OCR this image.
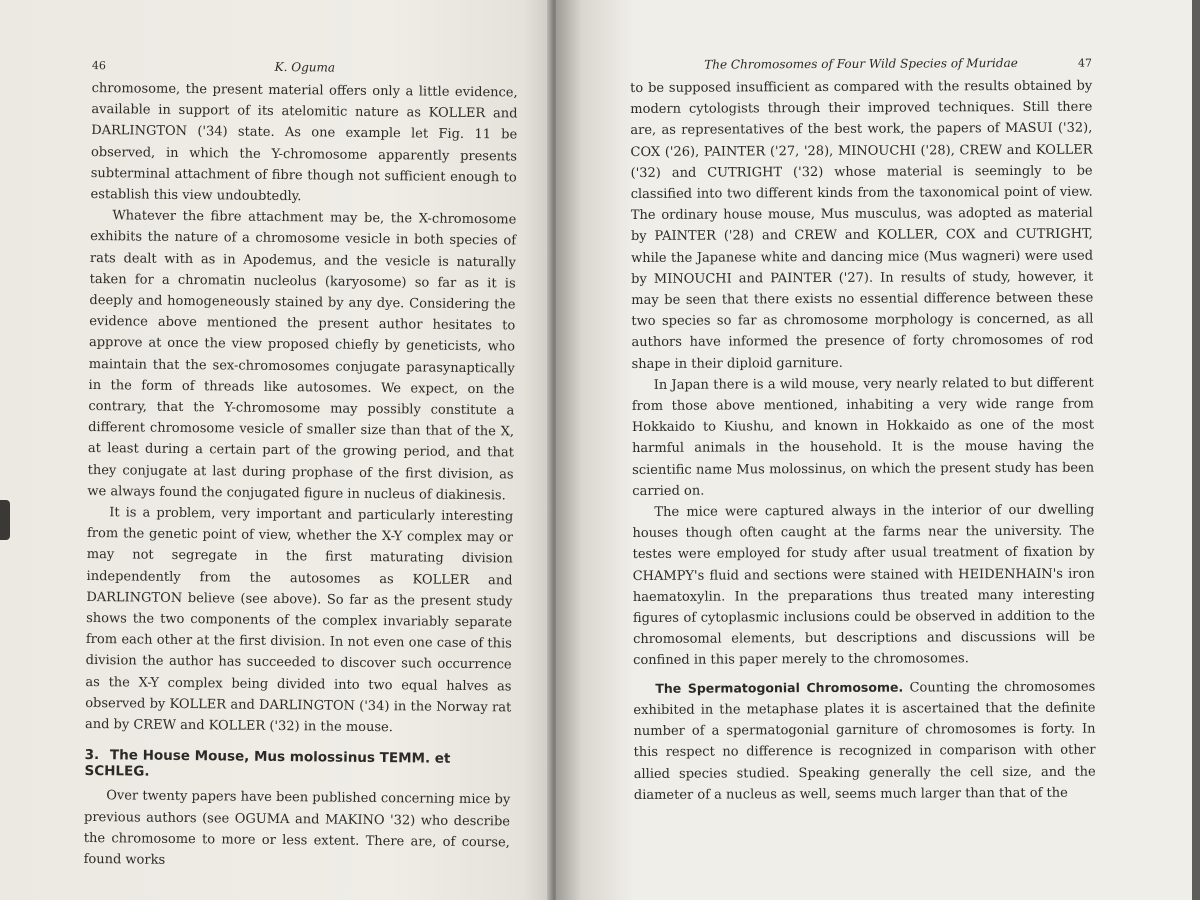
46	K. Oguma

chromosome, the present material offers only a little evidence, available in support of its atelomitic nature as KOLLER and DARLINGTON ('34) state. As one example let Fig. 11 be observed, in which the Y-chromosome apparently presents subterminal attachment of fibre though not sufficient enough to establish this view undoubtedly.

Whatever the fibre attachment may be, the X-chromosome exhibits the nature of a chromosome vesicle in both species of rats dealt with as in Apodemus, and the vesicle is naturally taken for a chromatin nucleolus (karyosome) so far as it is deeply and homogeneously stained by any dye. Considering the evidence above mentioned the present author hesitates to approve at once the view proposed chiefly by geneticists, who maintain that the sex-chromosomes conjugate parasynaptically in the form of threads like autosomes. We expect, on the contrary, that the Y-chromosome may possibly constitute a different chromosome vesicle of smaller size than that of the X, at least during a certain part of the growing period, and that they conjugate at last during prophase of the first division, as we always found the conjugated figure in nucleus of diakinesis.

It is a problem, very important and particularly interesting from the genetic point of view, whether the X-Y complex may or may not segregate in the first maturating division independently from the autosomes as KOLLER and DARLINGTON believe (see above). So far as the present study shows the two components of the complex invariably separate from each other at the first division. In not even one case of this division the author has succeeded to discover such occurrence as the X-Y complex being divided into two equal halves as observed by KOLLER and DARLINGTON ('34) in the Norway rat and by CREW and KOLLER ('32) in the mouse.

3. The House Mouse, Mus molossinus TEMM. et SCHLEG.

Over twenty papers have been published concerning mice by previous authors (see OGUMA and MAKINO '32) who describe the chromosome to more or less extent. There are, of course, found works

The Chromosomes of Four Wild Species of Muridae	47

to be supposed insufficient as compared with the results obtained by modern cytologists through their improved techniques. Still there are, as representatives of the best work, the papers of MASUI ('32), COX ('26), PAINTER ('27, '28), MINOUCHI ('28), CREW and KOLLER ('32) and CUTRIGHT ('32) whose material is seemingly to be classified into two different kinds from the taxonomical point of view. The ordinary house mouse, Mus musculus, was adopted as material by PAINTER ('28) and CREW and KOLLER, COX and CUTRIGHT, while the Japanese white and dancing mice (Mus wagneri) were used by MINOUCHI and PAINTER ('27). In results of study, however, it may be seen that there exists no essential difference between these two species so far as chromosome morphology is concerned, as all authors have informed the presence of forty chromosomes of rod shape in their diploid garniture.

In Japan there is a wild mouse, very nearly related to but different from those above mentioned, inhabiting a very wide range from Hokkaido to Kiushu, and known in Hokkaido as one of the most harmful animals in the household. It is the mouse having the scientific name Mus molossinus, on which the present study has been carried on.

The mice were captured always in the interior of our dwelling houses though often caught at the farms near the university. The testes were employed for study after usual treatment of fixation by CHAMPY's fluid and sections were stained with HEIDENHAIN's iron haematoxylin. In the preparations thus treated many interesting figures of cytoplasmic inclusions could be observed in addition to the chromosomal elements, but descriptions and discussions will be confined in this paper merely to the chromosomes.

The Spermatogonial Chromosome. Counting the chromosomes exhibited in the metaphase plates it is ascertained that the definite number of a spermatogonial garniture of chromosomes is forty. In this respect no difference is recognized in comparison with other allied species studied. Speaking generally the cell size, and the diameter of a nucleus as well, seems much larger than that of the
